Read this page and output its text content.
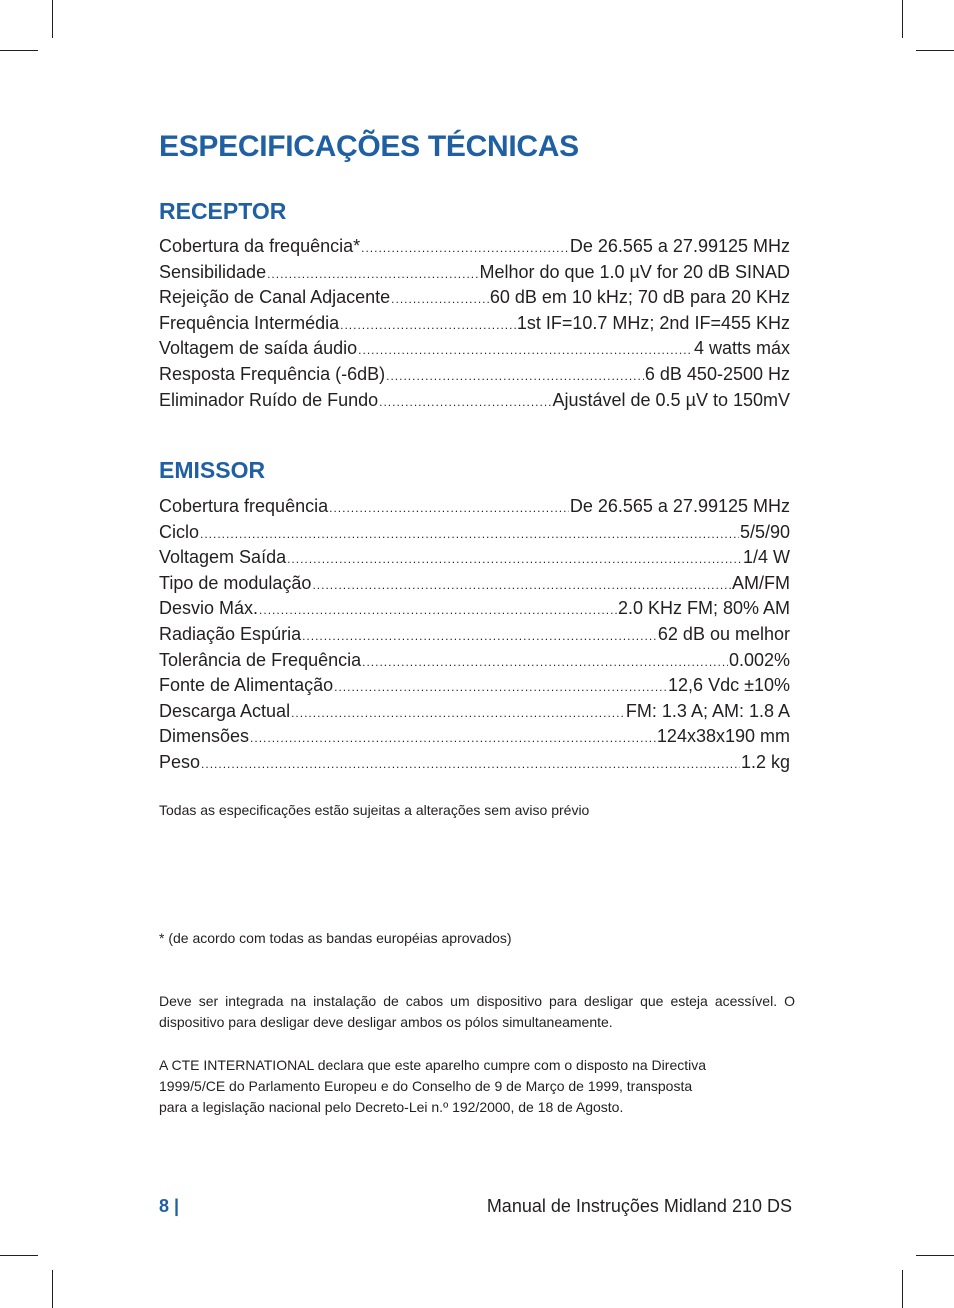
ESPECIFICAÇÕES TÉCNICAS
RECEPTOR
Cobertura da frequência* .....	De 26.565 a 27.99125 MHz
Sensibilidade .....	Melhor do que 1.0 µV for 20 dB SINAD
Rejeição de Canal Adjacente .....	60 dB em 10 kHz; 70 dB para 20 KHz
Frequência Intermédia .....	1st IF=10.7 MHz; 2nd IF=455 KHz
Voltagem de saída áudio .....	4 watts máx
Resposta Frequência (-6dB) .....	6 dB 450-2500 Hz
Eliminador Ruído de Fundo .....	Ajustável de 0.5 µV to 150mV
EMISSOR
Cobertura frequência .....	De 26.565 a 27.99125 MHz
Ciclo .....	5/5/90
Voltagem Saída .....	1/4 W
Tipo de modulação .....	AM/FM
Desvio Máx. .....	2.0 KHz FM; 80% AM
Radiação Espúria .....	62 dB ou melhor
Tolerância de Frequência .....	0.002%
Fonte de Alimentação .....	12,6 Vdc ±10%
Descarga Actual .....	FM: 1.3 A; AM: 1.8 A
Dimensões .....	124x38x190 mm
Peso .....	1.2 kg

Todas as especificações estão sujeitas a alterações sem aviso prévio

* (de acordo com todas as bandas européias aprovados)

Deve ser integrada na instalação de cabos um dispositivo para desligar que esteja acessível. O dispositivo para desligar deve desligar ambos os pólos simultaneamente.

A CTE INTERNATIONAL declara que este aparelho cumpre com o disposto na Directiva
1999/5/CE do Parlamento Europeu e do Conselho de 9 de Março de 1999, transposta
para a legislação nacional pelo Decreto-Lei n.º 192/2000, de 18 de Agosto.
8 |	Manual de Instruções Midland 210 DS
